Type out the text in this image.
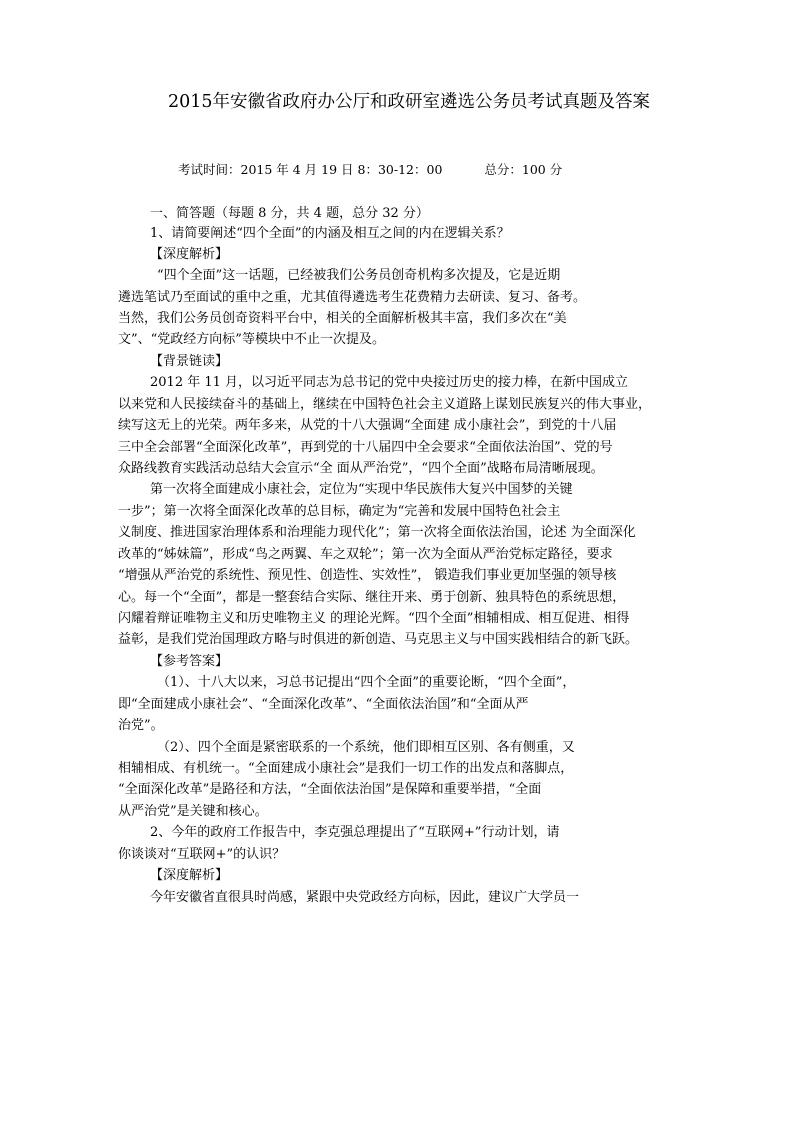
2015年安徽省政府办公厅和政研室遴选公务员考试真题及答案
考试时间：2015 年 4 月 19 日 8：30-12：00	总分：100 分
一、简答题（每题 8 分，共 4 题，总分 32 分）
1、请简要阐述“四个全面”的内涵及相互之间的内在逻辑关系？
【深度解析】
“四个全面”这一话题，已经被我们公务员创奇机构多次提及，它是近期
遴选笔试乃至面试的重中之重，尤其值得遴选考生花费精力去研读、复习、备考。
当然，我们公务员创奇资料平台中，相关的全面解析极其丰富，我们多次在“美
文”、“党政经方向标”等模块中不止一次提及。
【背景链读】
2012 年 11 月，以习近平同志为总书记的党中央接过历史的接力棒，在新中国成立
以来党和人民接续奋斗的基础上，继续在中国特色社会主义道路上谋划民族复兴的伟大事业，
续写这无上的光荣。两年多来，从党的十八大强调“全面建 成小康社会”，到党的十八届
三中全会部署“全面深化改革”，再到党的十八届四中全会要求“全面依法治国”、党的号
众路线教育实践活动总结大会宣示“全 面从严治党”，“四个全面”战略布局清晰展现。
第一次将全面建成小康社会，定位为“实现中华民族伟大复兴中国梦的关键
一步”；第一次将全面深化改革的总目标，确定为“完善和发展中国特色社会主
义制度、推进国家治理体系和治理能力现代化”；第一次将全面依法治国，论述 为全面深化
改革的“姊妹篇”，形成“鸟之两翼、车之双轮”；第一次为全面从严治党标定路径，要求
“增强从严治党的系统性、预见性、创造性、实效性”， 锻造我们事业更加坚强的领导核
心。每一个“全面”，都是一整套结合实际、继往开来、勇于创新、独具特色的系统思想，
闪耀着辩证唯物主义和历史唯物主义 的理论光辉。“四个全面”相辅相成、相互促进、相得
益彰，是我们党治国理政方略与时俱进的新创造、马克思主义与中国实践相结合的新飞跃。
【参考答案】
（1）、十八大以来，习总书记提出“四个全面”的重要论断，“四个全面”，
即“全面建成小康社会”、“全面深化改革”、“全面依法治国”和“全面从严
治党”。
（2）、四个全面是紧密联系的一个系统，他们即相互区别、各有侧重，又
相辅相成、有机统一。“全面建成小康社会”是我们一切工作的出发点和落脚点，
“全面深化改革”是路径和方法，“全面依法治国”是保障和重要举措，“全面
从严治党”是关键和核心。
2、今年的政府工作报告中，李克强总理提出了“互联网+”行动计划，请
你谈谈对“互联网+”的认识？
【深度解析】
今年安徽省直很具时尚感，紧跟中央党政经方向标，因此，建议广大学员一
